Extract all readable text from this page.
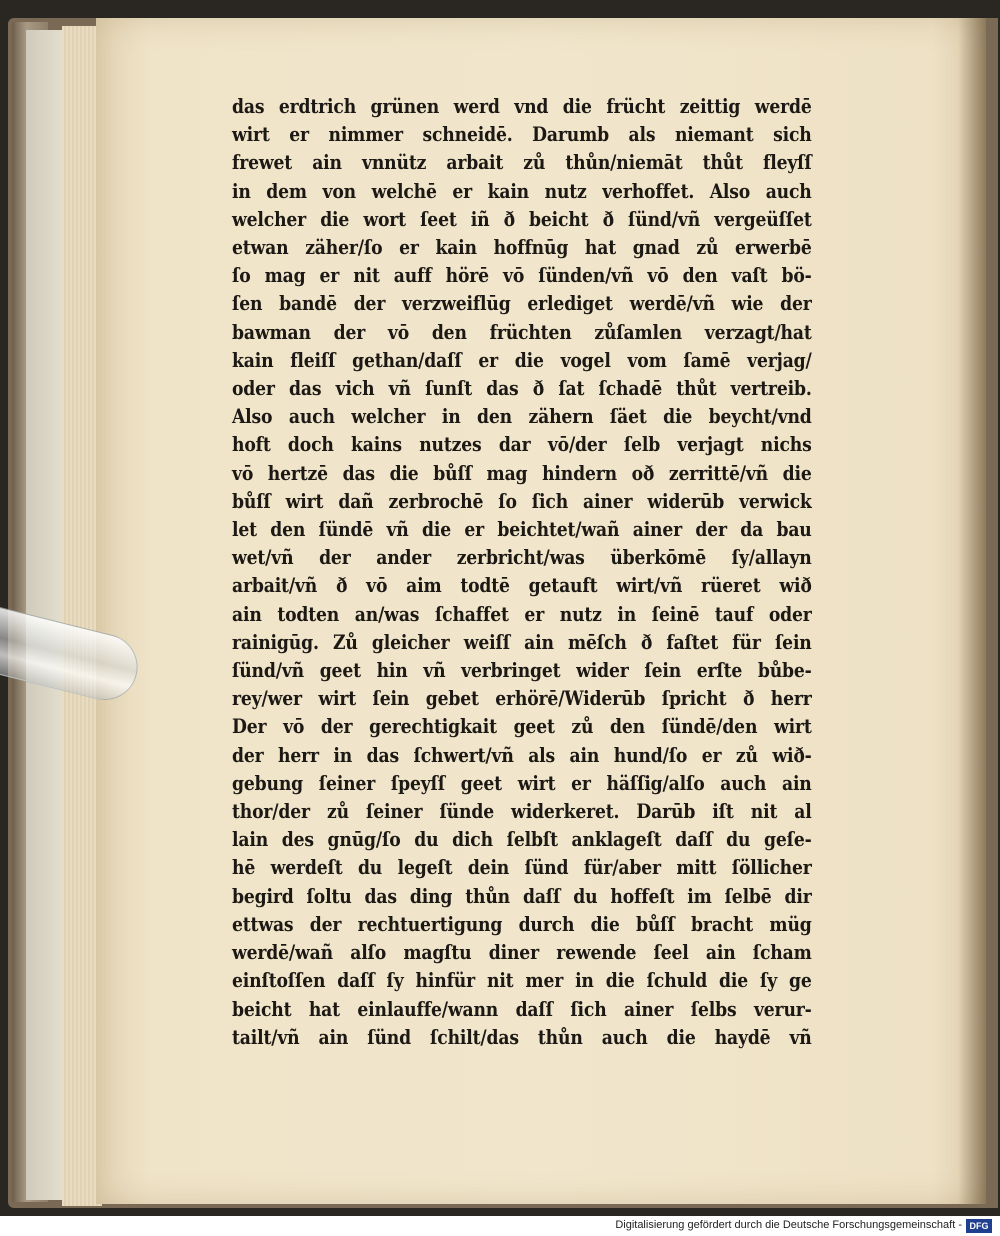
das erdtrich grünen werd vnd die frücht zeittig werdē
wirt er nimmer schneidē. Darumb als niemant sich
frewet ain vnnütz arbait zů thůn/niemāt thůt fleyſſ
in dem von welchē er kain nutz verhoffet. Also auch
welcher die wort ſeet iñ ð beicht ð ſünd/vñ vergeüſſet
etwan zäher/ſo er kain hoffnūg hat gnad zů erwerbē
ſo mag er nit auff hörē vō ſünden/vñ vō den vaſt bö-
ſen bandē der verzweiflūg erlediget werdē/vñ wie der
bawman der vō den früchten zůſamlen verzagt/hat
kain fleiſſ gethan/daſſ er die vogel vom ſamē verjag/
oder das vich vñ ſunſt das ð ſat ſchadē thůt vertreib.
Also auch welcher in den zähern ſäet die beycht/vnd
hoft doch kains nutzes dar vō/der ſelb verjagt nichs
vō hertzē das die bůſſ mag hindern oð zerrittē/vñ die
bůſſ wirt dañ zerbrochē ſo ſich ainer widerūb verwick
let den ſündē vñ die er beichtet/wañ ainer der da bau
wet/vñ der ander zerbricht/was überkōmē ſy/allayn
arbait/vñ ð vō aim todtē getauft wirt/vñ rüeret wið
ain todten an/was ſchaffet er nutz in ſeinē tauf oder
rainigūg. Zů gleicher weiſſ ain mēſch ð faſtet für ſein
ſünd/vñ geet hin vñ verbringet wider ſein erſte bůbe-
rey/wer wirt ſein gebet erhörē/Widerūb ſpricht ð herr
Der vō der gerechtigkait geet zů den ſündē/den wirt
der herr in das ſchwert/vñ als ain hund/ſo er zů wið-
gebung ſeiner ſpeyſſ geet wirt er häſſig/alſo auch ain
thor/der zů ſeiner ſünde widerkeret. Darūb iſt nit al
lain des gnūg/ſo du dich ſelbſt anklageſt daſſ du geſe-
hē werdeſt du legeſt dein ſünd für/aber mitt ſöllicher
begird ſoltu das ding thůn daſſ du hoffeſt im ſelbē dir
ettwas der rechtuertigung durch die bůſſ bracht müg
werdē/wañ alſo magſtu diner rewende ſeel ain ſcham
einſtoſſen daſſ ſy hinfür nit mer in die ſchuld die ſy ge
beicht hat einlauffe/wann daſſ ſich ainer ſelbs verur-
tailt/vñ ain ſünd ſchilt/das thůn auch die haydē vñ
Digitalisierung gefördert durch die Deutsche Forschungsgemeinschaft - DFG
